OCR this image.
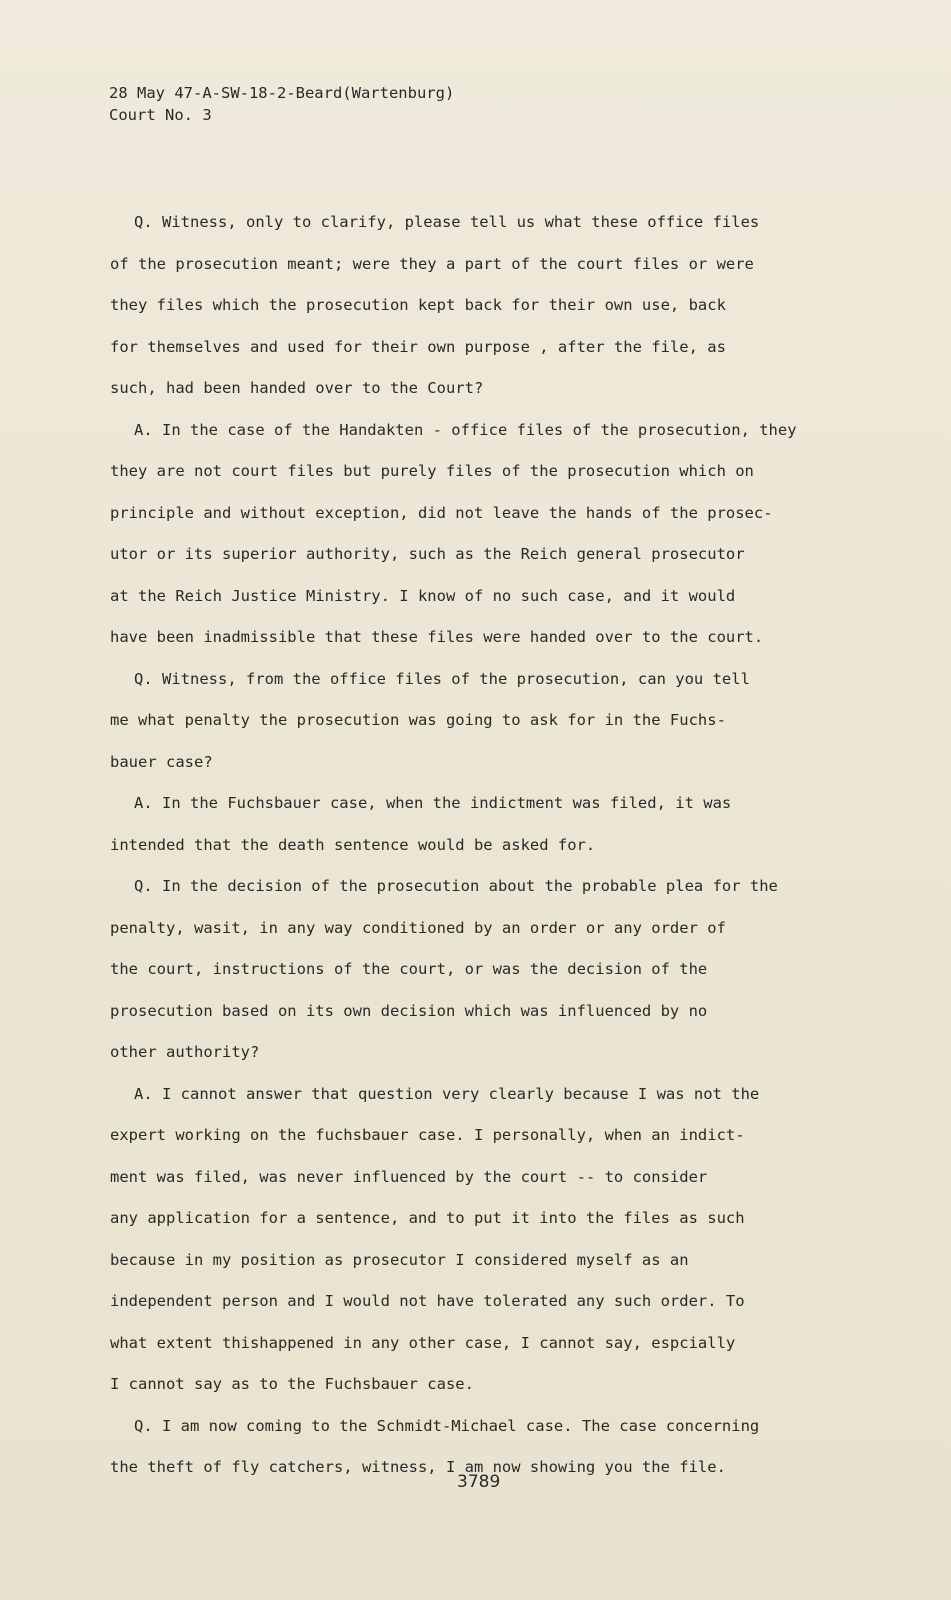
28 May 47-A-SW-18-2-Beard(Wartenburg)
Court No. 3
Q. Witness, only to clarify, please tell us what these office files
of the prosecution meant; were they a part of the court files or were
they files which the prosecution kept back for their own use, back
for themselves and used for their own purpose , after the file, as
such, had been handed over to the Court?
A. In the case of the Handakten - office files of the prosecution, they
they are not court files but purely files of the prosecution which on
principle and without exception, did not leave the hands of the prosec-
utor or its superior authority, such as the Reich general prosecutor
at the Reich Justice Ministry. I know of no such case, and it would
have been inadmissible that these files were handed over to the court.
Q. Witness, from the office files of the prosecution, can you tell
me what penalty the prosecution was going to ask for in the Fuchs-
bauer case?
A. In the Fuchsbauer case, when the indictment was filed, it was
intended that the death sentence would be asked for.
Q. In the decision of the prosecution about the probable plea for the
penalty, wasit, in any way conditioned by an order or any order of
the court, instructions of the court, or was the decision of the
prosecution based on its own decision which was influenced by no
other authority?
A. I cannot answer that question very clearly because I was not the
expert working on the fuchsbauer case. I personally, when an indict-
ment was filed, was never influenced by the court -- to consider
any application for a sentence, and to put it into the files as such
because in my position as prosecutor I considered myself as an
independent person and I would not have tolerated any such order. To
what extent thishappened in any other case, I cannot say, espcially
I cannot say as to the Fuchsbauer case.
Q. I am now coming to the Schmidt-Michael case. The case concerning
the theft of fly catchers, witness, I am now showing you the file.
3789
